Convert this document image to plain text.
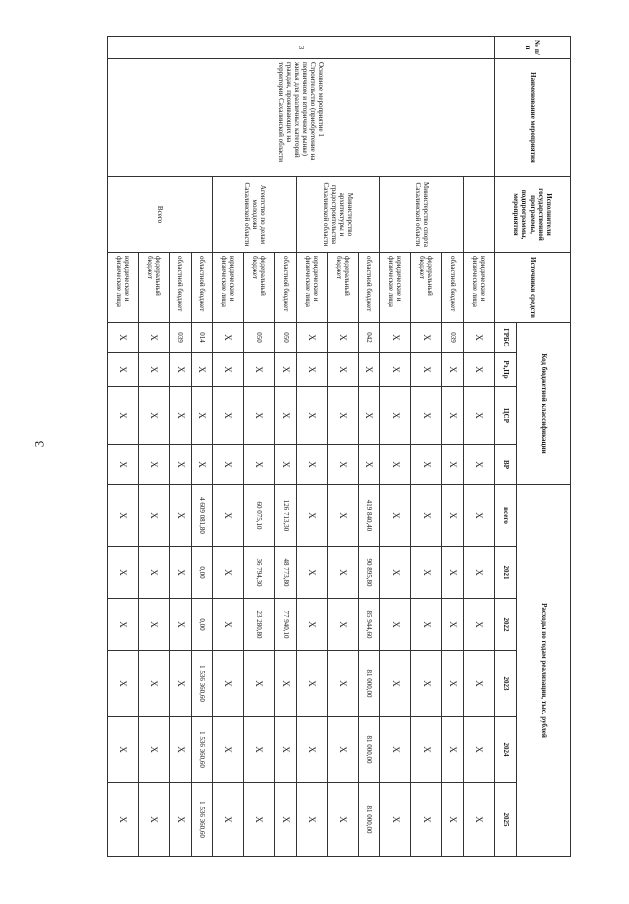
3
№ п/п	Наименование мероприятия	Исполнители государственной программы, подпрограммы, мероприятия	Источники средств	Код бюджетной классификации				Расходы по годам реализации, тыс. рублей					
				ГРБС	Рз,Пр	ЦСР	ВР	всего	2021	2022	2023	2024	2025
3	Основное мероприятие 1 Строительство (приобретение на первичном и вторичном рынке) жилья для различных категорий граждан, проживающих на территории Сахалинской области		юридические и физические лица	X	X	X	X	X	X	X	X	X	X
		Министерство спорта Сахалинской области	областной бюджет	039	X	X	X	X	X	X	X	X	X
			федеральный бюджет	X	X	X	X	X	X	X	X	X	X
			юридические и физические лица	X	X	X	X	X	X	X	X	X	X
		Министерство архитектуры и градостроительства Сахалинской области	областной бюджет	042	X	X	X	419 840,40	90 895,80	85 944,60	81 000,00	81 000,00	81 000,00
			федеральный бюджет	X	X	X	X	X	X	X	X	X	X
			юридические и физические лица	X	X	X	X	X	X	X	X	X	X
		Агентство по делам молодежи Сахалинской области	областной бюджет	050	X	X	X	126 713,30	48 773,80	77 940,10	X	X	X
			федеральный бюджет	050	X	X	X	60 075,10	36 794,30	23 280,80	X	X	X
			юридические и физические лица	X	X	X	X	X	X	X	X	X	X
		Всего	областной бюджет	014	X	X	X	4 609 081,80	0,00	0,00	1 536 360,60	1 536 360,60	1 536 360,60
			областной бюджет	039	X	X	X	X	X	X	X	X	X
			федеральный бюджет	X	X	X	X	X	X	X	X	X	X
			юридические и физические лица	X	X	X	X	X	X	X	X	X	X
